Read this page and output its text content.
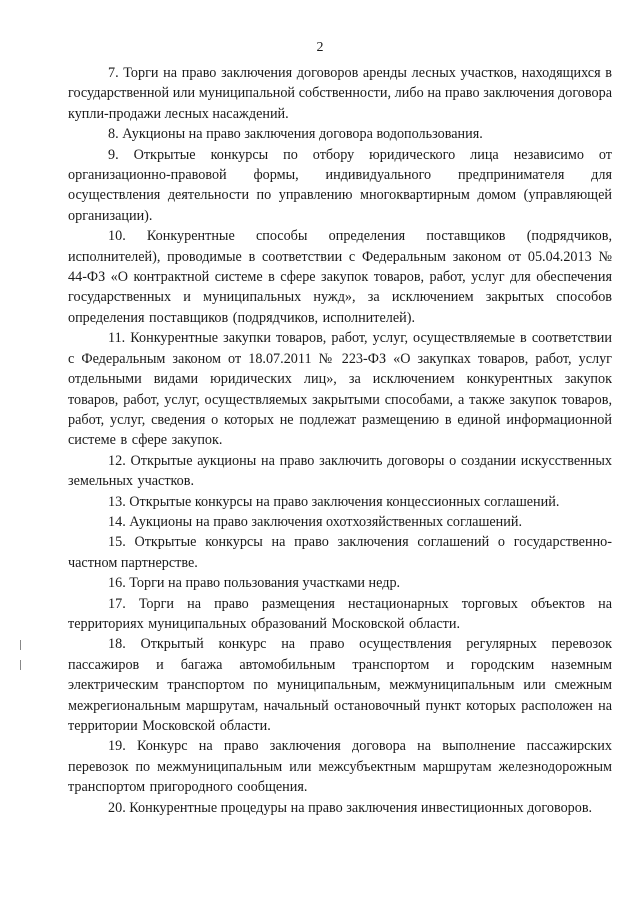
2

7. Торги на право заключения договоров аренды лесных участков, находящихся в государственной или муниципальной собственности, либо на право заключения договора купли-продажи лесных насаждений.

8. Аукционы на право заключения договора водопользования.

9. Открытые конкурсы по отбору юридического лица независимо от организационно-правовой формы, индивидуального предпринимателя для осуществления деятельности по управлению многоквартирным домом (управляющей организации).

10. Конкурентные способы определения поставщиков (подрядчиков, исполнителей), проводимые в соответствии с Федеральным законом от 05.04.2013 № 44-ФЗ «О контрактной системе в сфере закупок товаров, работ, услуг для обеспечения государственных и муниципальных нужд», за исключением закрытых способов определения поставщиков (подрядчиков, исполнителей).

11. Конкурентные закупки товаров, работ, услуг, осуществляемые в соответствии с Федеральным законом от 18.07.2011 № 223-ФЗ «О закупках товаров, работ, услуг отдельными видами юридических лиц», за исключением конкурентных закупок товаров, работ, услуг, осуществляемых закрытыми способами, а также закупок товаров, работ, услуг, сведения о которых не подлежат размещению в единой информационной системе в сфере закупок.

12. Открытые аукционы на право заключить договоры о создании искусственных земельных участков.

13. Открытые конкурсы на право заключения концессионных соглашений.

14. Аукционы на право заключения охотхозяйственных соглашений.

15. Открытые конкурсы на право заключения соглашений о государственно-частном партнерстве.

16. Торги на право пользования участками недр.

17. Торги на право размещения нестационарных торговых объектов на территориях муниципальных образований Московской области.

18. Открытый конкурс на право осуществления регулярных перевозок пассажиров и багажа автомобильным транспортом и городским наземным электрическим транспортом по муниципальным, межмуниципальным или смежным межрегиональным маршрутам, начальный остановочный пункт которых расположен на территории Московской области.

19. Конкурс на право заключения договора на выполнение пассажирских перевозок по межмуниципальным или межсубъектным маршрутам железнодорожным транспортом пригородного сообщения.

20. Конкурентные процедуры на право заключения инвестиционных договоров.
